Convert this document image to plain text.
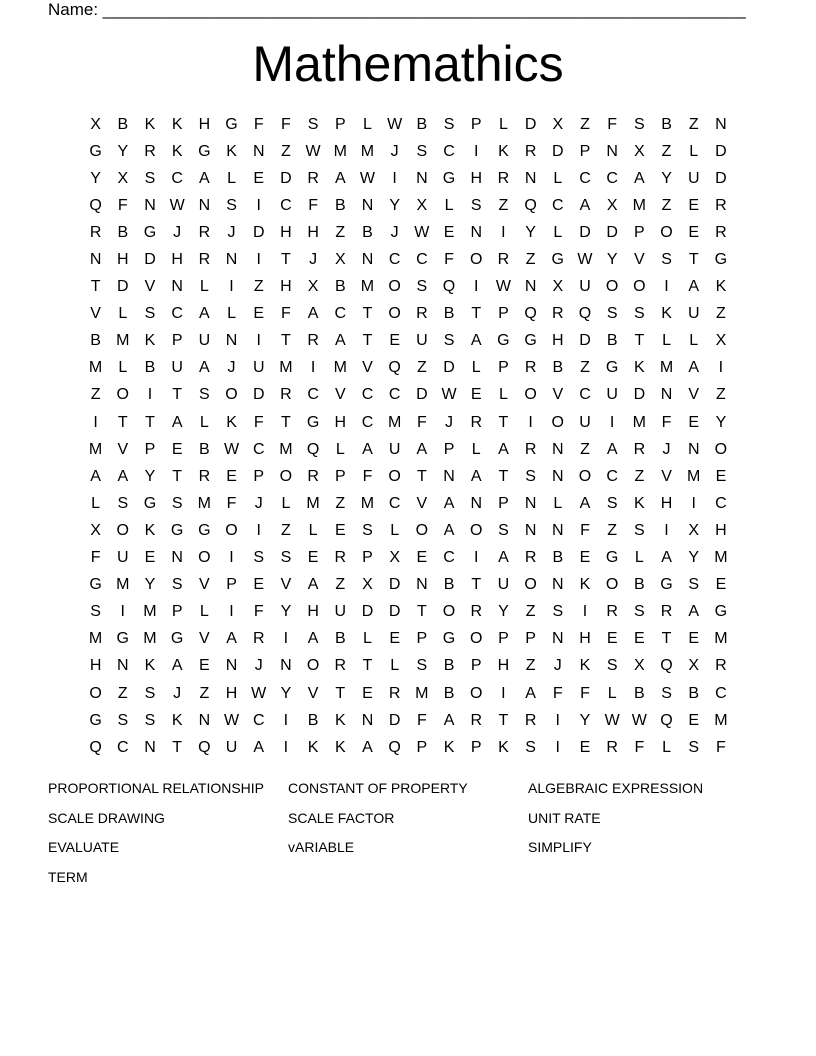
Name: ____________________________________________________________________
Mathemathics
X	B	K	K	H G	F	F	S	P	L W B	S	P	L	D	X	Z	F	S	B	Z	N
G Y	R	K G K	N	Z W M M	J	S	C	I	K	R D	P	N	X	Z	L	D
Y	X	S	C	A	L	E	D R	A W	I	N G H R N	L	C C	A	Y	U D
Q	F	N W N	S	I	C	F	B	N	Y	X	L	S	Z	Q C	A	X M Z	E	R
R	B G	J	R	J	D H H	Z	B	J W E	N	I	Y	L	D D	P O E	R
N H D H R N	I	T	J	X	N C C	F	O R	Z	G W Y	V	S	T	G
T	D	V	N	L	I	Z	H	X	B M O S Q	I	W N	X	U O O	I	A	K
V	L	S	C	A	L	E	F	A	C	T	O R	B	T	P Q R Q S	S	K	U	Z
B M K	P	U N	I	T	R	A	T	E	U	S	A G G H D	B	T	L	L	X
M	L	B	U	A	J	U M	I	M V Q	Z	D	L	P	R	B	Z	G K M A	I
Z	O	I	T	S O D R C	V	C C D W E	L	O V	C U D N	V	Z
I	T	T	A	L	K	F	T	G H C M F	J	R	T	I	O U	I	M F	E	Y
M V	P	E	B W C M Q	L	A	U	A	P	L	A	R N	Z	A	R	J	N O
A	A	Y	T	R	E	P O R	P	F	O	T	N	A	T	S	N O C	Z	V M E
L	S G S M F	J	L	M Z M C	V	A	N	P	N	L	A	S	K	H	I	C
X O K G G O	I	Z	L	E	S	L	O A O S	N N	F	Z	S	I	X	H
F	U	E	N O	I	S	S	E	R	P	X	E	C	I	A	R	B	E G	L	A	Y M
G M Y	S	V	P	E	V	A	Z	X	D N	B	T	U O N	K O B G S	E
S	I	M P	L	I	F	Y	H U D D	T	O R	Y	Z	S	I	R	S	R	A G
M G M G V	A	R	I	A	B	L	E	P G O P	P	N H	E	E	T	E M
H N	K	A	E	N	J	N O R	T	L	S	B	P	H	Z	J	K	S	X Q X	R
O	Z	S	J	Z	H W Y	V	T	E	R M B O	I	A	F	F	L	B	S	B	C
G S	S	K	N W C	I	B	K	N D	F	A	R	T	R	I	Y W W Q E M
Q C N	T	Q U	A	I	K	K	A Q P	K	P	K	S	I	E	R	F	L	S	F
PROPORTIONAL RELATIONSHIP	CONSTANT OF PROPERTY	ALGEBRAIC EXPRESSION
SCALE DRAWING	SCALE FACTOR	UNIT RATE
EVALUATE	vARIABLE	SIMPLIFY
TERM
